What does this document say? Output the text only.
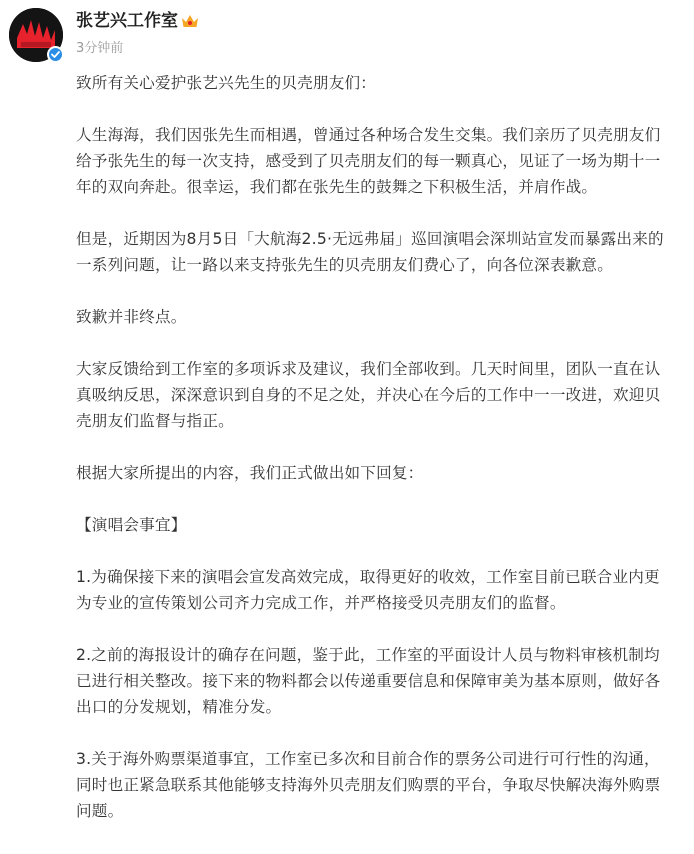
张艺兴工作室
3分钟前

致所有关心爱护张艺兴先生的贝壳朋友们：

人生海海，我们因张先生而相遇，曾通过各种场合发生交集。我们亲历了贝壳朋友们给予张先生的每一次支持，感受到了贝壳朋友们的每一颗真心，见证了一场为期十一年的双向奔赴。很幸运，我们都在张先生的鼓舞之下积极生活，并肩作战。

但是，近期因为8月5日「大航海2.5·无远弗届」巡回演唱会深圳站宣发而暴露出来的一系列问题，让一路以来支持张先生的贝壳朋友们费心了，向各位深表歉意。

致歉并非终点。

大家反馈给到工作室的多项诉求及建议，我们全部收到。几天时间里，团队一直在认真吸纳反思，深深意识到自身的不足之处，并决心在今后的工作中一一改进，欢迎贝壳朋友们监督与指正。

根据大家所提出的内容，我们正式做出如下回复：

【演唱会事宜】

1.为确保接下来的演唱会宣发高效完成，取得更好的收效，工作室目前已联合业内更为专业的宣传策划公司齐力完成工作，并严格接受贝壳朋友们的监督。

2.之前的海报设计的确存在问题，鉴于此，工作室的平面设计人员与物料审核机制均已进行相关整改。接下来的物料都会以传递重要信息和保障审美为基本原则，做好各出口的分发规划，精准分发。

3.关于海外购票渠道事宜，工作室已多次和目前合作的票务公司进行可行性的沟通，同时也正紧急联系其他能够支持海外贝壳朋友们购票的平台，争取尽快解决海外购票问题。
